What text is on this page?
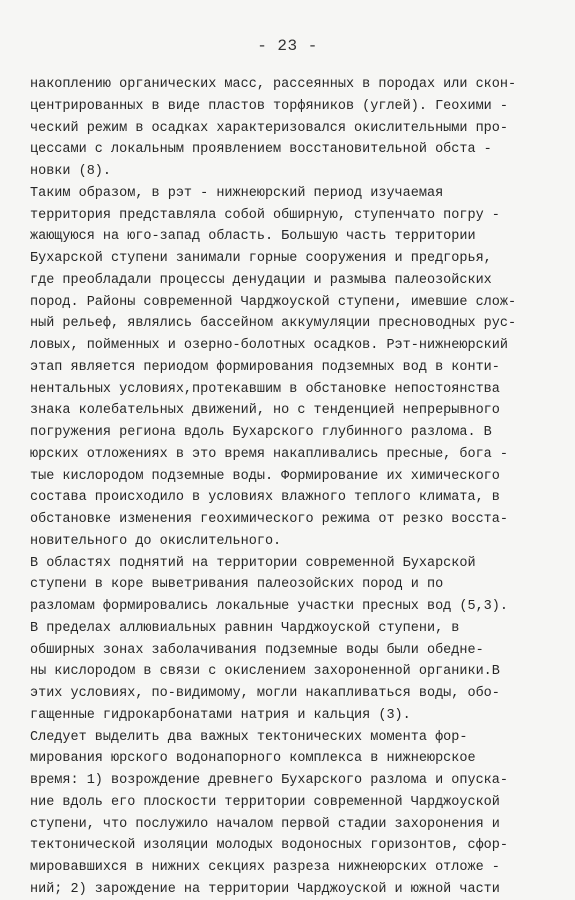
- 23 -
накоплению органических масс, рассеянных в породах или скон-
центрированных в виде пластов торфяников (углей). Геохими -
ческий режим в осадках характеризовался окислительными про-
цессами с локальным проявлением восстановительной обста -
новки (8).
Таким образом, в рэт - нижнеюрский период изучаемая
территория представляла собой обширную, ступенчато погру -
жающуюся на юго-запад область. Большую часть территории
Бухарской ступени занимали горные сооружения и предгорья,
где преобладали процессы денудации и размыва палеозойских
пород. Районы современной Чарджоуской ступени, имевшие слож-
ный рельеф, являлись бассейном аккумуляции пресноводных рус-
ловых, пойменных и озерно-болотных осадков. Рэт-нижнеюрский
этап является периодом формирования подземных вод в конти-
нентальных условиях,протекавшим в обстановке непостоянства
знака колебательных движений, но с тенденцией непрерывного
погружения региона вдоль Бухарского глубинного разлома. В
юрских отложениях в это время накапливались пресные, бога -
тые кислородом подземные воды. Формирование их химического
состава происходило в условиях влажного теплого климата, в
обстановке изменения геохимического режима от резко восста-
новительного до окислительного.
В областях поднятий на территории современной Бухарской
ступени в коре выветривания палеозойских пород и по
разломам формировались локальные участки пресных вод (5,3).
В пределах аллювиальных равнин Чарджоуской ступени, в
обширных зонах заболачивания подземные воды были обедне-
ны кислородом в связи с окислением захороненной органики.В
этих условиях, по-видимому, могли накапливаться воды, обо-
гащенные гидрокарбонатами натрия и кальция (3).
Следует выделить два важных тектонических момента фор-
мирования юрского водонапорного комплекса в нижнеюрское
время: 1) возрождение древнего Бухарского разлома и опуска-
ние вдоль его плоскости территории современной Чарджоуской
ступени, что послужило началом первой стадии захоронения и
тектонической изоляции молодых водоносных горизонтов, сфор-
мировавшихся в нижних секциях разреза нижнеюрских отложе -
ний; 2) зарождение на территории Чарджоуской и южной части
